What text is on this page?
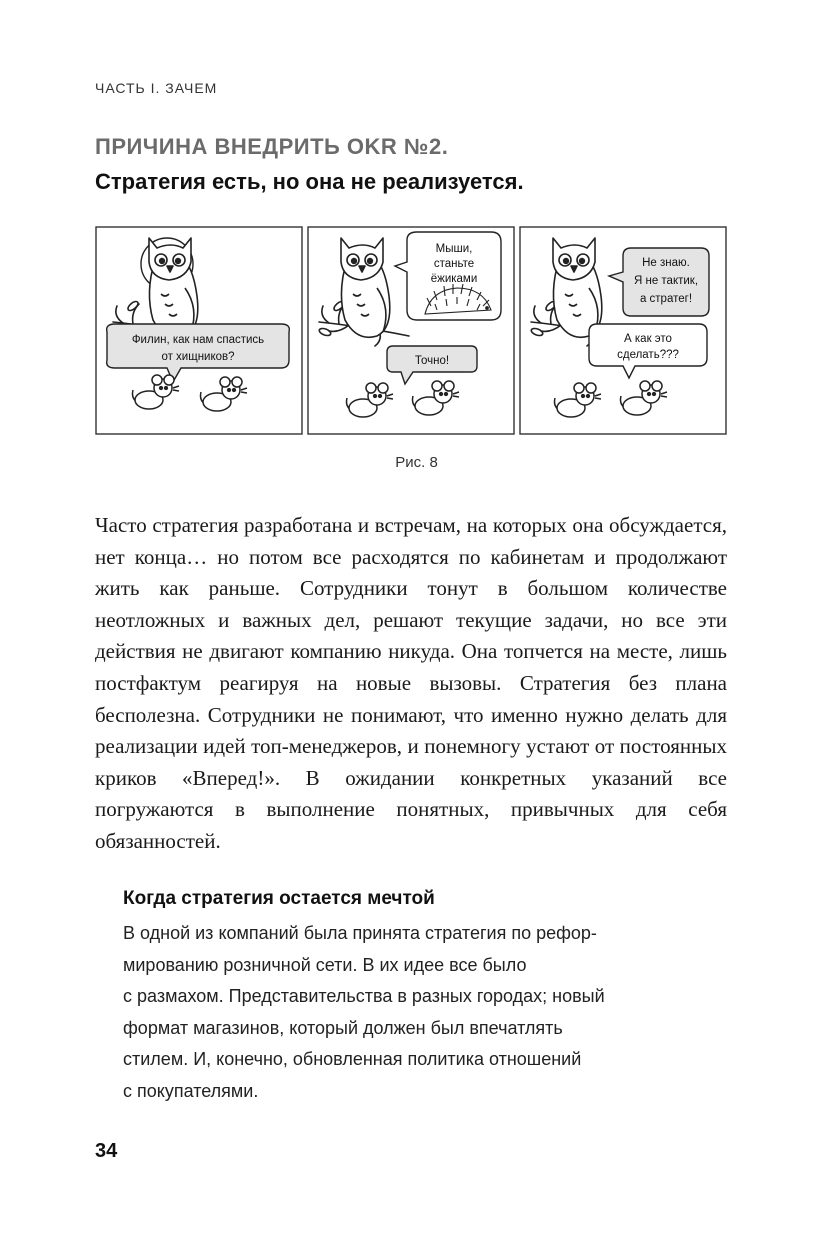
ЧАСТЬ I. ЗАЧЕМ
ПРИЧИНА ВНЕДРИТЬ OKR №2.
Стратегия есть, но она не реализуется.
Филин, как нам спастись
от хищников?
Мыши,
станьте
ёжиками
Точно!
Не знаю.
Я не тактик,
а стратег!
А как это
сделать???
Рис. 8

Часто стратегия разработана и встречам, на которых она обсуждается, нет конца… но потом все расходятся по кабинетам и продолжают жить как раньше. Сотрудники тонут в большом количестве неотложных и важных дел, решают текущие задачи, но все эти действия не двигают компанию никуда. Она топчется на месте, лишь постфактум реагируя на новые вызовы. Стратегия без плана бесполезна. Сотрудники не понимают, что именно нужно делать для реализации идей топ-менеджеров, и понемногу устают от постоянных криков «Вперед!». В ожидании конкретных указаний все погружаются в выполнение понятных, привычных для себя обязанностей.

Когда стратегия остается мечтой

В одной из компаний была принята стратегия по рефор-
мированию розничной сети. В их идее все было
с размахом. Представительства в разных городах; новый
формат магазинов, который должен был впечатлять
стилем. И, конечно, обновленная политика отношений
с покупателями.

34
